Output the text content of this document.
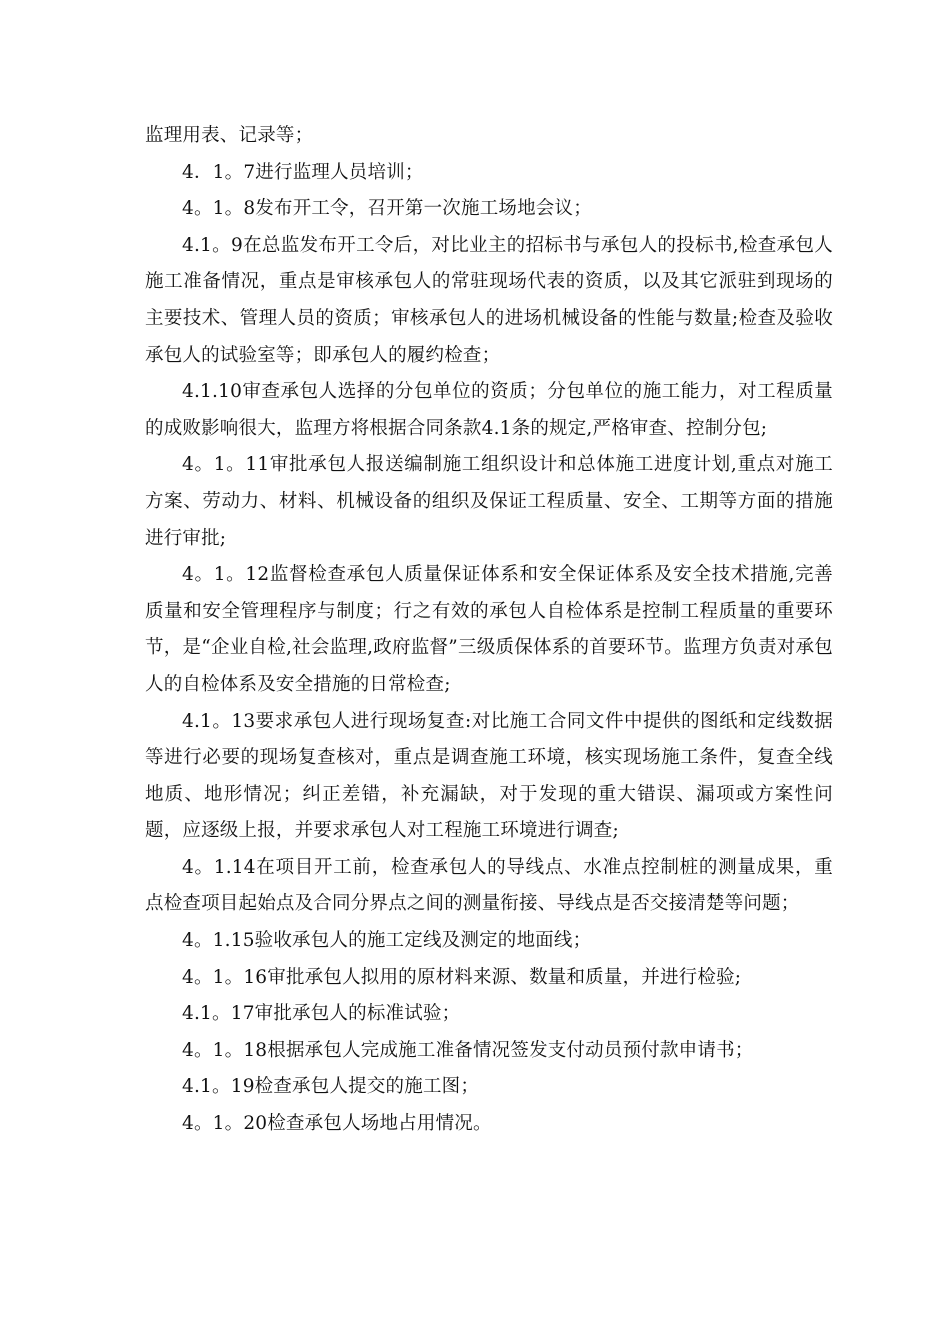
监理用表、记录等；

4．1。7进行监理人员培训；

4。1。8发布开工令，召开第一次施工场地会议；

4.1。9在总监发布开工令后，对比业主的招标书与承包人的投标书,检查承包人施工准备情况，重点是审核承包人的常驻现场代表的资质，以及其它派驻到现场的主要技术、管理人员的资质；审核承包人的进场机械设备的性能与数量;检查及验收承包人的试验室等；即承包人的履约检查；

4.1.10审查承包人选择的分包单位的资质；分包单位的施工能力，对工程质量的成败影响很大，监理方将根据合同条款4.1条的规定,严格审查、控制分包;

4。1。11审批承包人报送编制施工组织设计和总体施工进度计划,重点对施工方案、劳动力、材料、机械设备的组织及保证工程质量、安全、工期等方面的措施进行审批;

4。1。12监督检查承包人质量保证体系和安全保证体系及安全技术措施,完善质量和安全管理程序与制度；行之有效的承包人自检体系是控制工程质量的重要环节，是“企业自检,社会监理,政府监督”三级质保体系的首要环节。监理方负责对承包人的自检体系及安全措施的日常检查;

4.1。13要求承包人进行现场复查:对比施工合同文件中提供的图纸和定线数据等进行必要的现场复查核对，重点是调查施工环境，核实现场施工条件，复查全线地质、地形情况；纠正差错，补充漏缺，对于发现的重大错误、漏项或方案性问题，应逐级上报，并要求承包人对工程施工环境进行调查;

4。1.14在项目开工前，检查承包人的导线点、水准点控制桩的测量成果，重点检查项目起始点及合同分界点之间的测量衔接、导线点是否交接清楚等问题；

4。1.15验收承包人的施工定线及测定的地面线；

4。1。16审批承包人拟用的原材料来源、数量和质量，并进行检验;

4.1。17审批承包人的标准试验；

4。1。18根据承包人完成施工准备情况签发支付动员预付款申请书；

4.1。19检查承包人提交的施工图；

4。1。20检查承包人场地占用情况。
